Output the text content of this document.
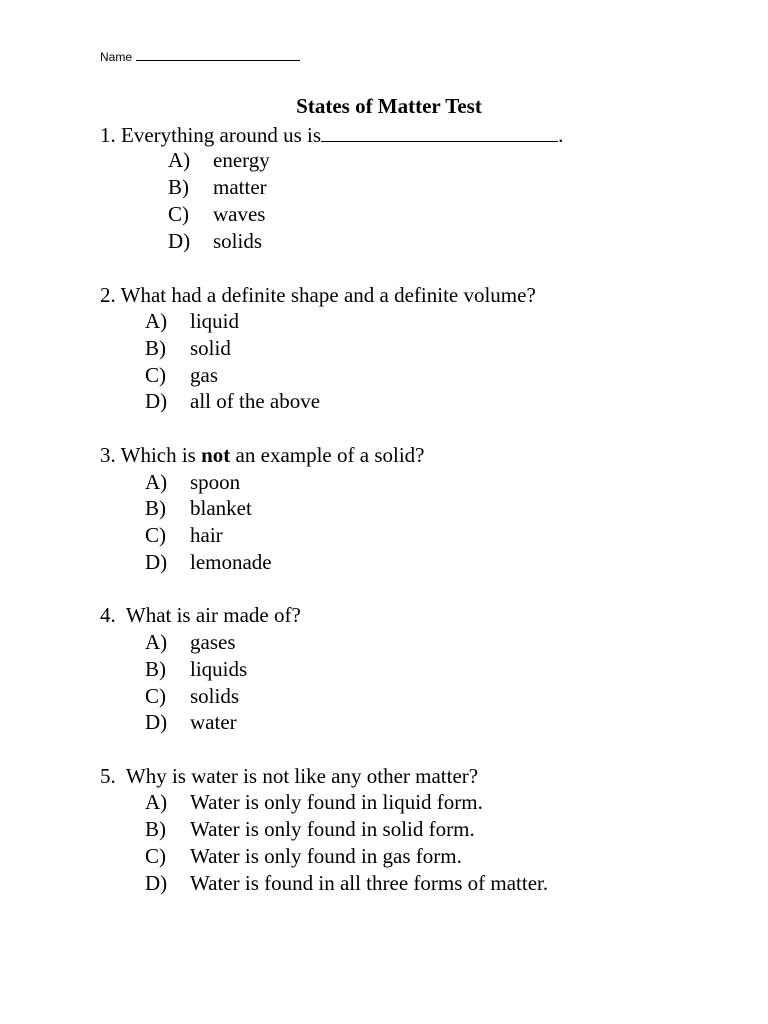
Name
States of Matter Test
1. Everything around us is	.
A) energy
B) matter
C) waves
D) solids
2. What had a definite shape and a definite volume?
A) liquid
B) solid
C) gas
D) all of the above
3. Which is not an example of a solid?
A) spoon
B) blanket
C) hair
D) lemonade
4. What is air made of?
A) gases
B) liquids
C) solids
D) water
5. Why is water is not like any other matter?
A) Water is only found in liquid form.
B) Water is only found in solid form.
C) Water is only found in gas form.
D) Water is found in all three forms of matter.
